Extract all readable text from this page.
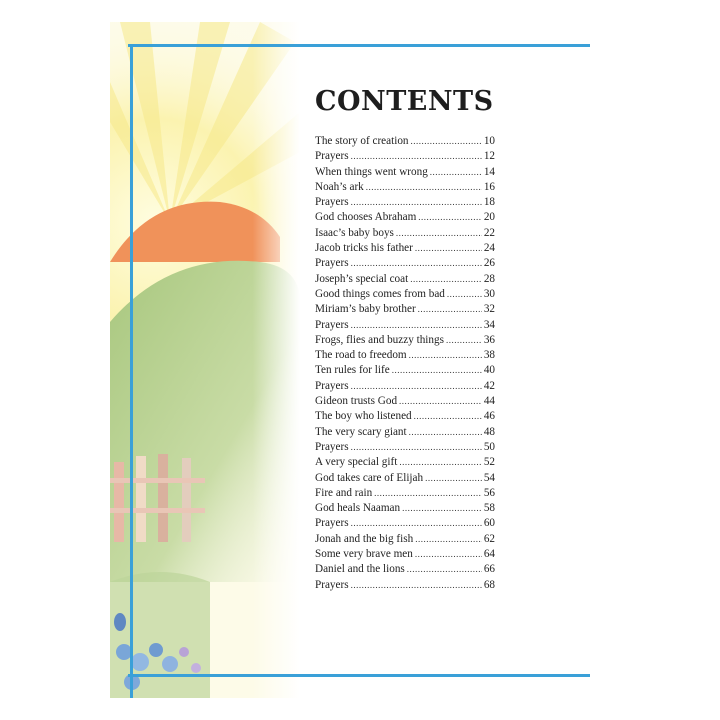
CONTENTS
The story of creation .....	10
Prayers .....	12
When things went wrong .....	14
Noah’s ark .....	16
Prayers .....	18
God chooses Abraham .....	20
Isaac’s baby boys .....	22
Jacob tricks his father .....	24
Prayers .....	26
Joseph’s special coat .....	28
Good things comes from bad .....	30
Miriam’s baby brother .....	32
Prayers .....	34
Frogs, flies and buzzy things .....	36
The road to freedom .....	38
Ten rules for life .....	40
Prayers .....	42
Gideon trusts God .....	44
The boy who listened .....	46
The very scary giant .....	48
Prayers .....	50
A very special gift .....	52
God takes care of Elijah .....	54
Fire and rain .....	56
God heals Naaman .....	58
Prayers .....	60
Jonah and the big fish .....	62
Some very brave men .....	64
Daniel and the lions .....	66
Prayers .....	68
